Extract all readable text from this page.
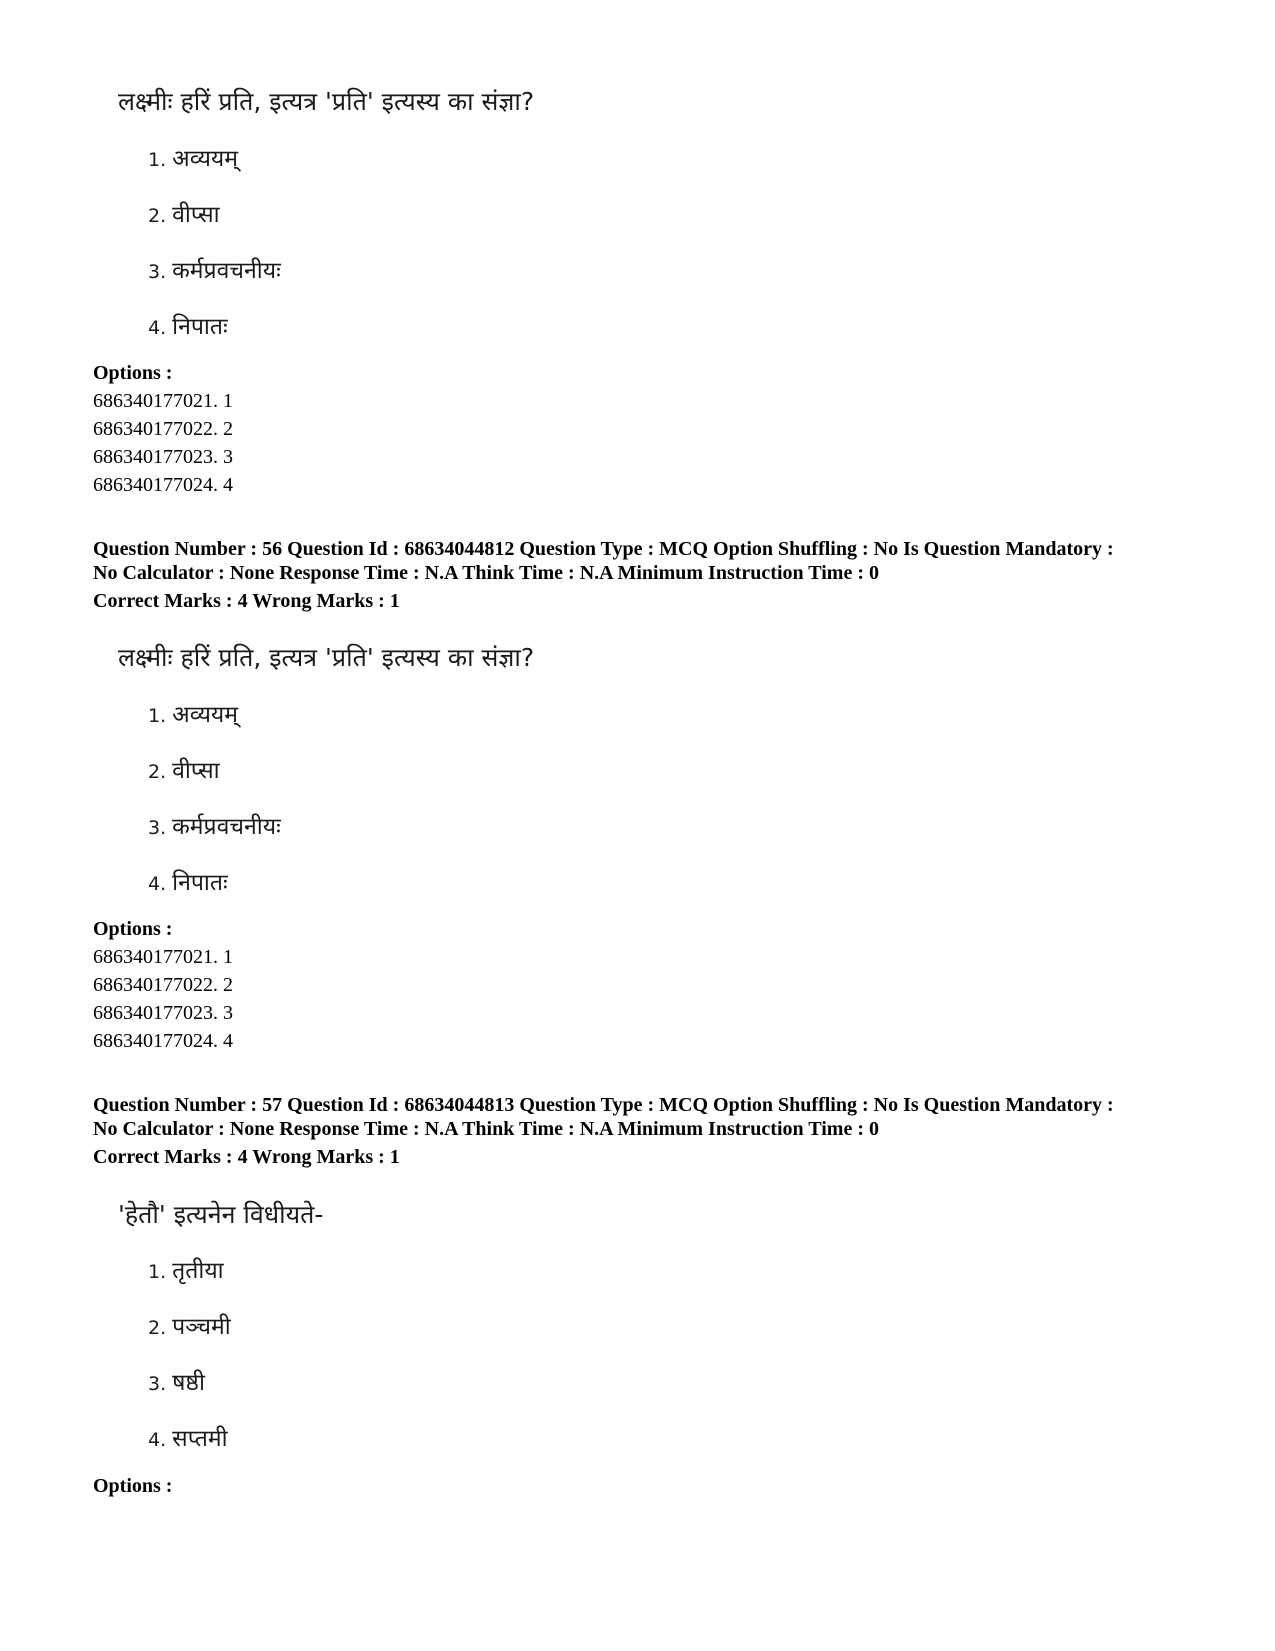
लक्ष्मीः हरिं प्रति, इत्यत्र 'प्रति' इत्यस्य का संज्ञा?
1. अव्ययम्
2. वीप्सा
3. कर्मप्रवचनीयः
4. निपातः
Options :
686340177021. 1
686340177022. 2
686340177023. 3
686340177024. 4
Question Number : 56 Question Id : 68634044812 Question Type : MCQ Option Shuffling : No Is Question Mandatory :
No Calculator : None Response Time : N.A Think Time : N.A Minimum Instruction Time : 0
Correct Marks : 4 Wrong Marks : 1
लक्ष्मीः हरिं प्रति, इत्यत्र 'प्रति' इत्यस्य का संज्ञा?
1. अव्ययम्
2. वीप्सा
3. कर्मप्रवचनीयः
4. निपातः
Options :
686340177021. 1
686340177022. 2
686340177023. 3
686340177024. 4
Question Number : 57 Question Id : 68634044813 Question Type : MCQ Option Shuffling : No Is Question Mandatory :
No Calculator : None Response Time : N.A Think Time : N.A Minimum Instruction Time : 0
Correct Marks : 4 Wrong Marks : 1
'हेतौ' इत्यनेन विधीयते-
1. तृतीया
2. पञ्चमी
3. षष्ठी
4. सप्तमी
Options :
